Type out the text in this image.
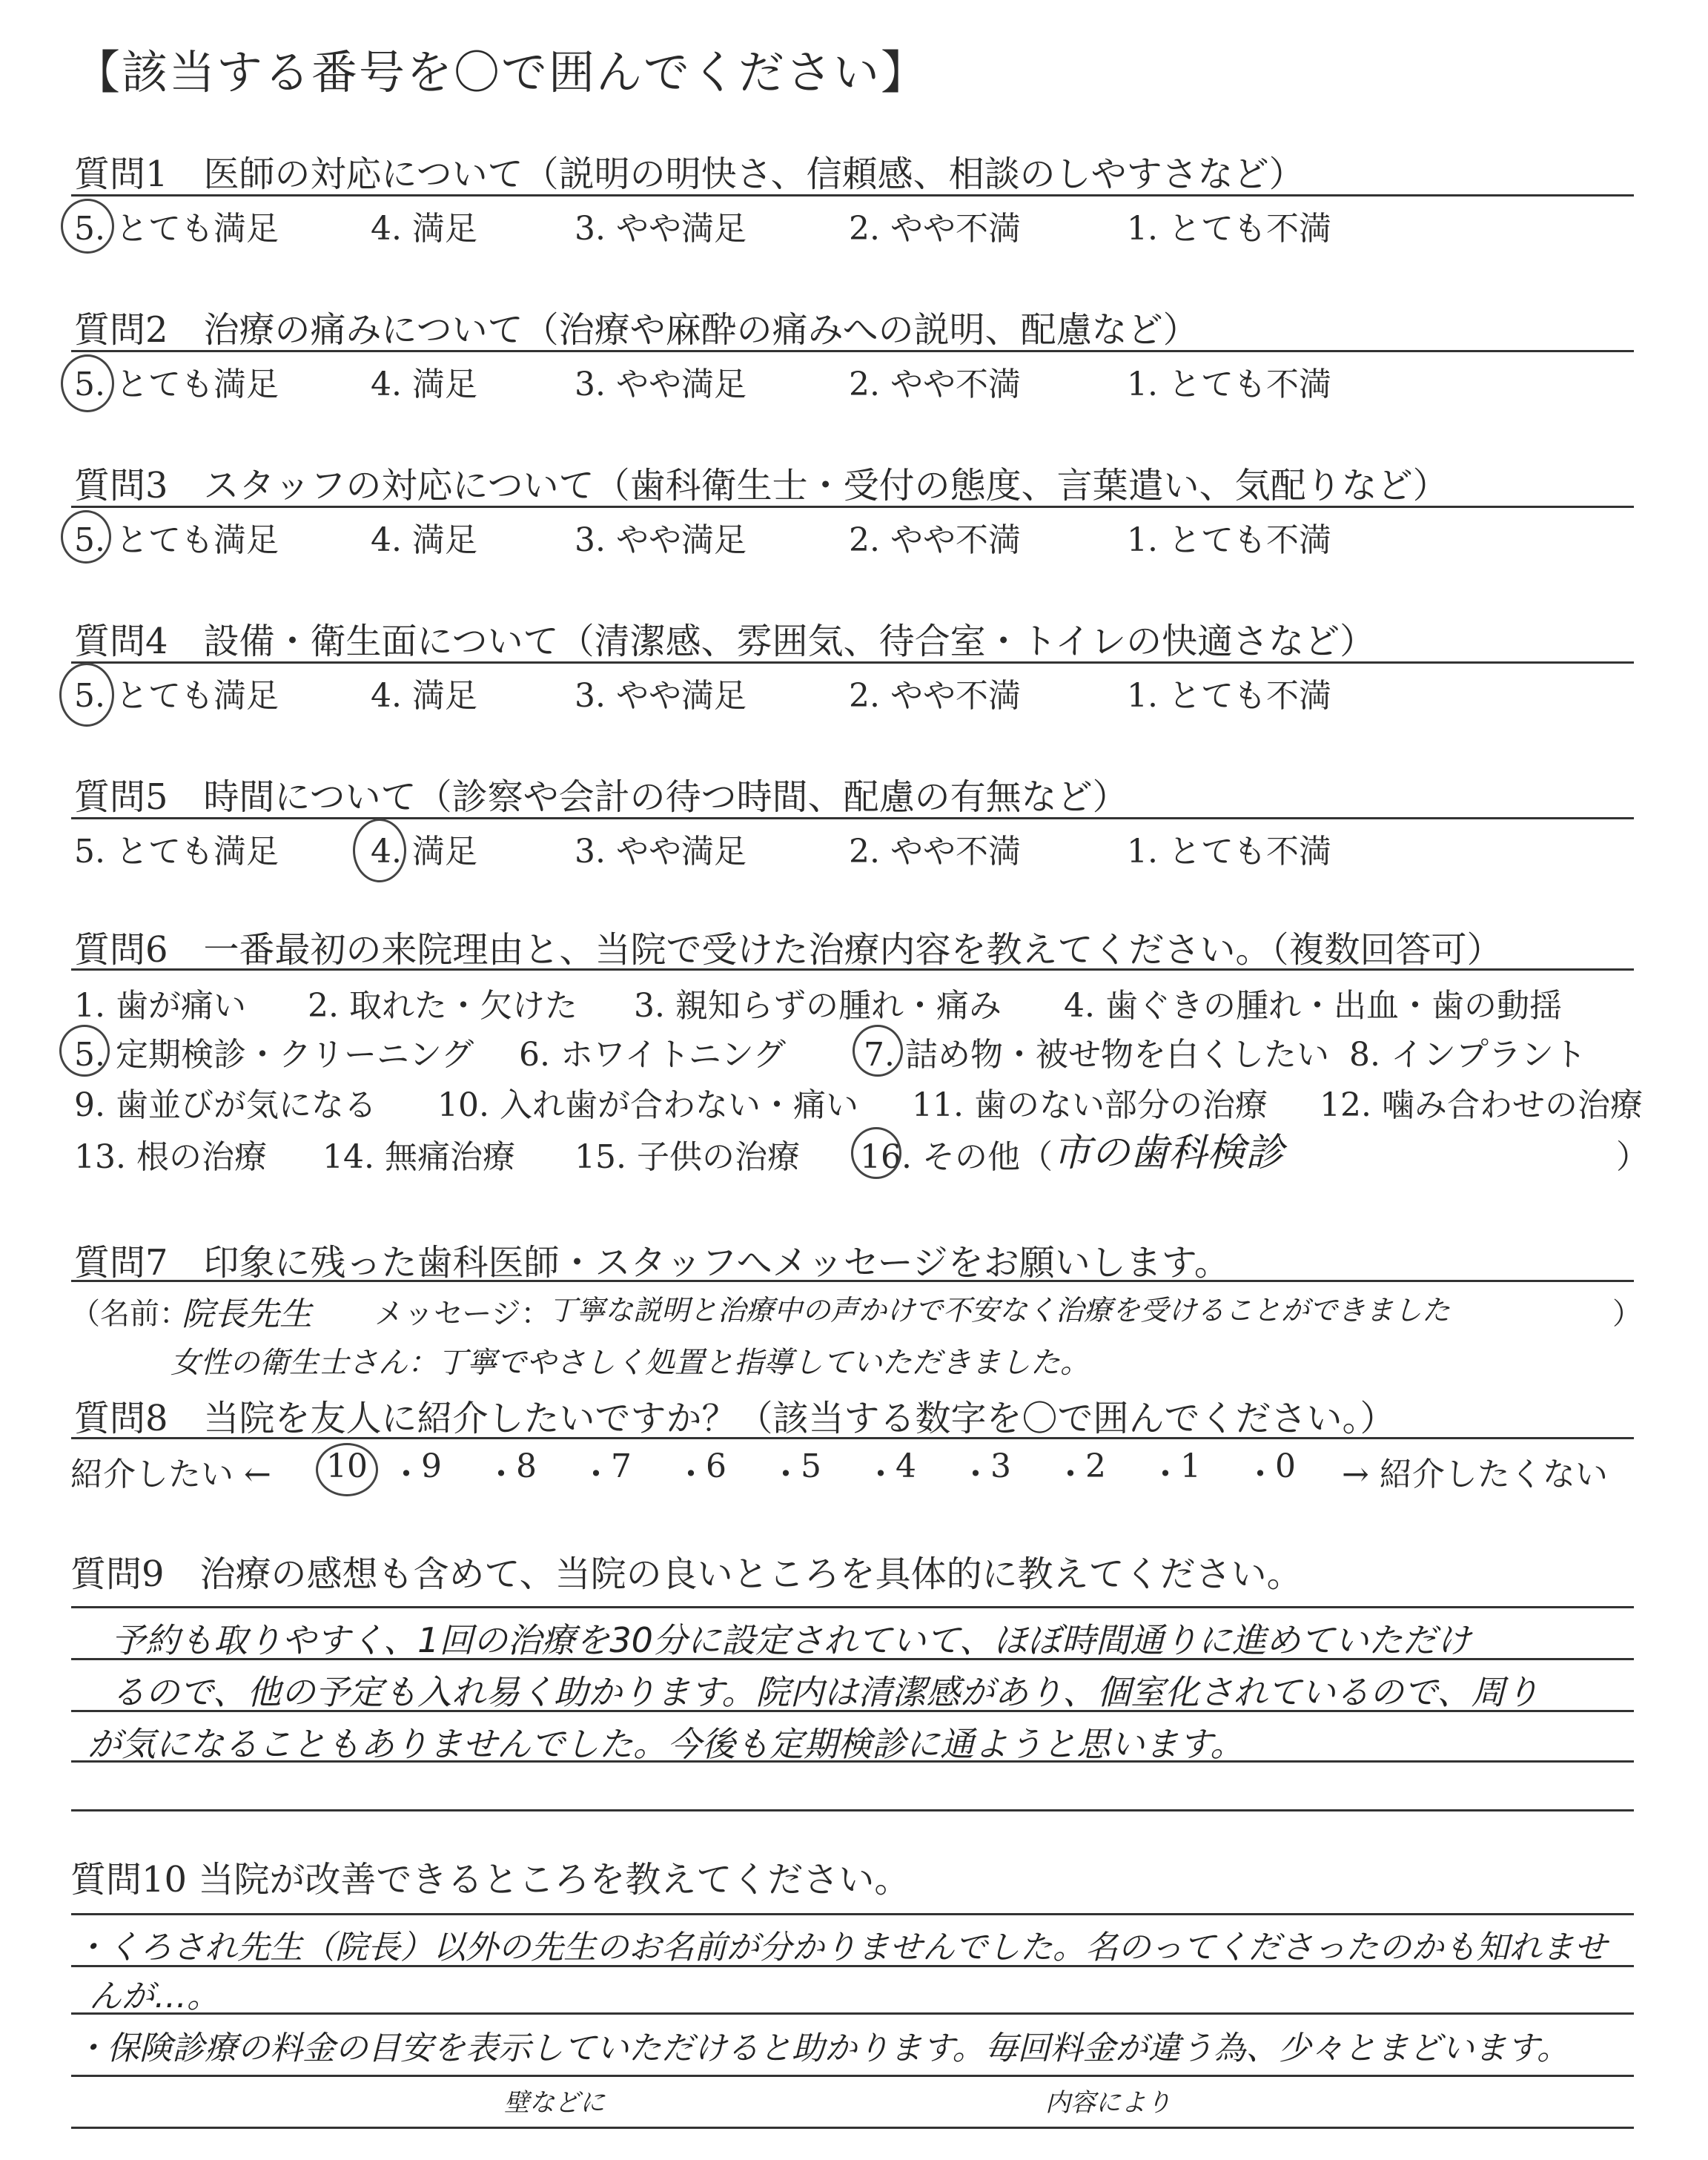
【該当する番号を〇で囲んでください】
質問1　医師の対応について（説明の明快さ、信頼感、相談のしやすさなど）
5. とても満足	4. 満足	3. やや満足	2. やや不満	1. とても不満
質問2　治療の痛みについて（治療や麻酔の痛みへの説明、配慮など）
5. とても満足	4. 満足	3. やや満足	2. やや不満	1. とても不満
質問3　スタッフの対応について（歯科衛生士・受付の態度、言葉遣い、気配りなど）
5. とても満足	4. 満足	3. やや満足	2. やや不満	1. とても不満
質問4　設備・衛生面について（清潔感、雰囲気、待合室・トイレの快適さなど）
5. とても満足	4. 満足	3. やや満足	2. やや不満	1. とても不満
質問5　時間について（診察や会計の待つ時間、配慮の有無など）
5. とても満足	4. 満足	3. やや満足	2. やや不満	1. とても不満
質問6　一番最初の来院理由と、当院で受けた治療内容を教えてください。（複数回答可）
1. 歯が痛い 2. 取れた・欠けた 3. 親知らずの腫れ・痛み 4. 歯ぐきの腫れ・出血・歯の動揺
5. 定期検診・クリーニング 6. ホワイトニング 7. 詰め物・被せ物を白くしたい 8. インプラント
9. 歯並びが気になる 10. 入れ歯が合わない・痛い 11. 歯のない部分の治療 12. 噛み合わせの治療
13. 根の治療 14. 無痛治療 15. 子供の治療 16. その他（ 市の歯科検診	）
質問7　印象に残った歯科医師・スタッフへメッセージをお願いします。
（名前：
院長先生 メッセージ：
丁寧な説明と治療中の声かけで不安なく治療を受けることができました	）
女性の衛生士さん：丁寧でやさしく処置と指導していただきました。
質問8　当院を友人に紹介したいですか？（該当する数字を〇で囲んでください。）
紹介したい ← 10 ・
9 ・
8 ・
7 ・
6 ・
5 ・
4 ・
3 ・
2 ・
1 ・
0 → 紹介したくない
質問9　治療の感想も含めて、当院の良いところを具体的に教えてください。
予約も取りやすく、1回の治療を30分に設定されていて、ほぼ時間通りに進めていただけ
るので、他の予定も入れ易く助かります。院内は清潔感があり、個室化されているので、周り
が気になることもありませんでした。今後も定期検診に通ようと思います。
質問10 当院が改善できるところを教えてください。
・くろされ先生（院長）以外の先生のお名前が分かりませんでした。名のってくださったのかも知れませ
んが…。
・保険診療の料金の目安を表示していただけると助かります。毎回料金が違う為、少々とまどいます。
壁などに	内容により
